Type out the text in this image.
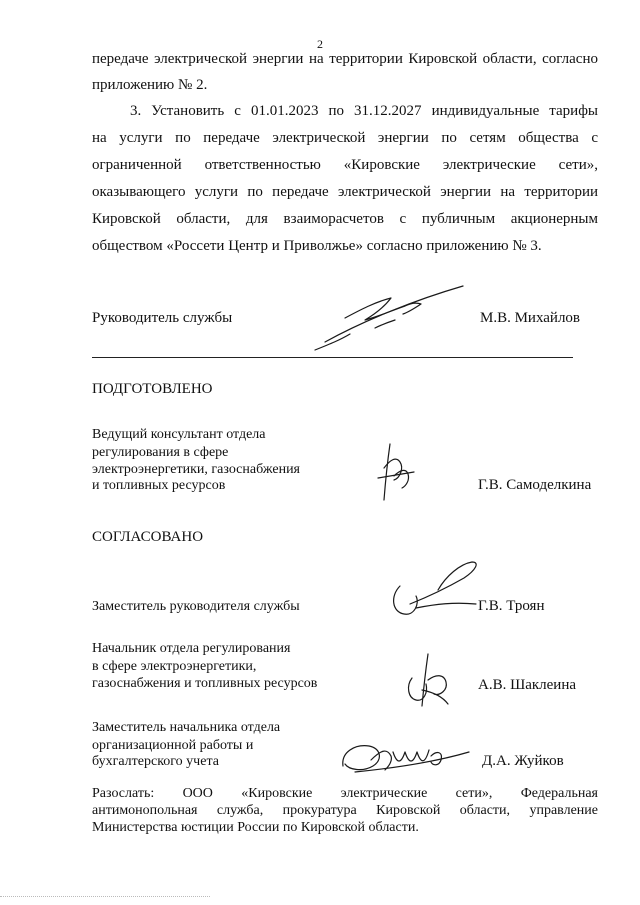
2
передаче электрической энергии на территории Кировской области, согласно
приложению № 2.
3. Установить с 01.01.2023 по 31.12.2027 индивидуальные тарифы
на услуги по передаче электрической энергии по сетям общества с
ограниченной ответственностью «Кировские электрические сети»,
оказывающего услуги по передаче электрической энергии на территории
Кировской области, для взаиморасчетов с публичным акционерным
обществом «Россети Центр и Приволжье» согласно приложению № 3.
Руководитель службы	М.В. Михайлов
ПОДГОТОВЛЕНО
Ведущий консультант отдела
регулирования в сфере
электроэнергетики, газоснабжения
и топливных ресурсов	Г.В. Самоделкина
СОГЛАСОВАНО
Заместитель руководителя службы	Г.В. Троян
Начальник отдела регулирования
в сфере электроэнергетики,
газоснабжения и топливных ресурсов	А.В. Шаклеина
Заместитель начальника отдела
организационной работы и
бухгалтерского учета	Д.А. Жуйков
Разослать: ООО «Кировские электрические сети», Федеральная
антимонопольная служба, прокуратура Кировской области, управление
Министерства юстиции России по Кировской области.
